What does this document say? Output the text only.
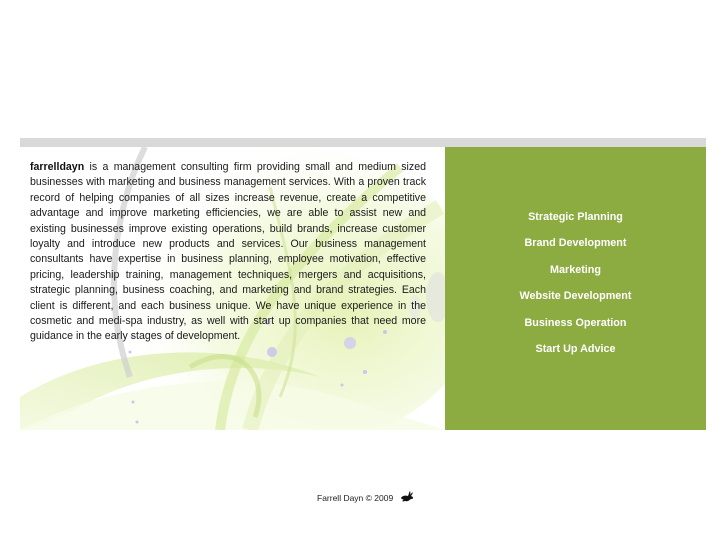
farrelldayn is a management consulting firm providing small and medium sized businesses with marketing and business management services. With a proven track record of helping companies of all sizes increase revenue, create a competitive advantage and improve marketing efficiencies, we are able to assist new and existing businesses improve existing operations, build brands, increase customer loyalty and introduce new products and services. Our business management consultants have expertise in business planning, employee motivation, effective pricing, leadership training, management techniques, mergers and acquisitions, strategic planning, business coaching, and marketing and brand strategies. Each client is different, and each business unique. We have unique experience in the cosmetic and medi-spa industry, as well with start up companies that need more guidance in the early stages of development.

Strategic Planning
Brand Development
Marketing
Website Development
Business Operation
Start Up Advice
Farrell Dayn © 2009
